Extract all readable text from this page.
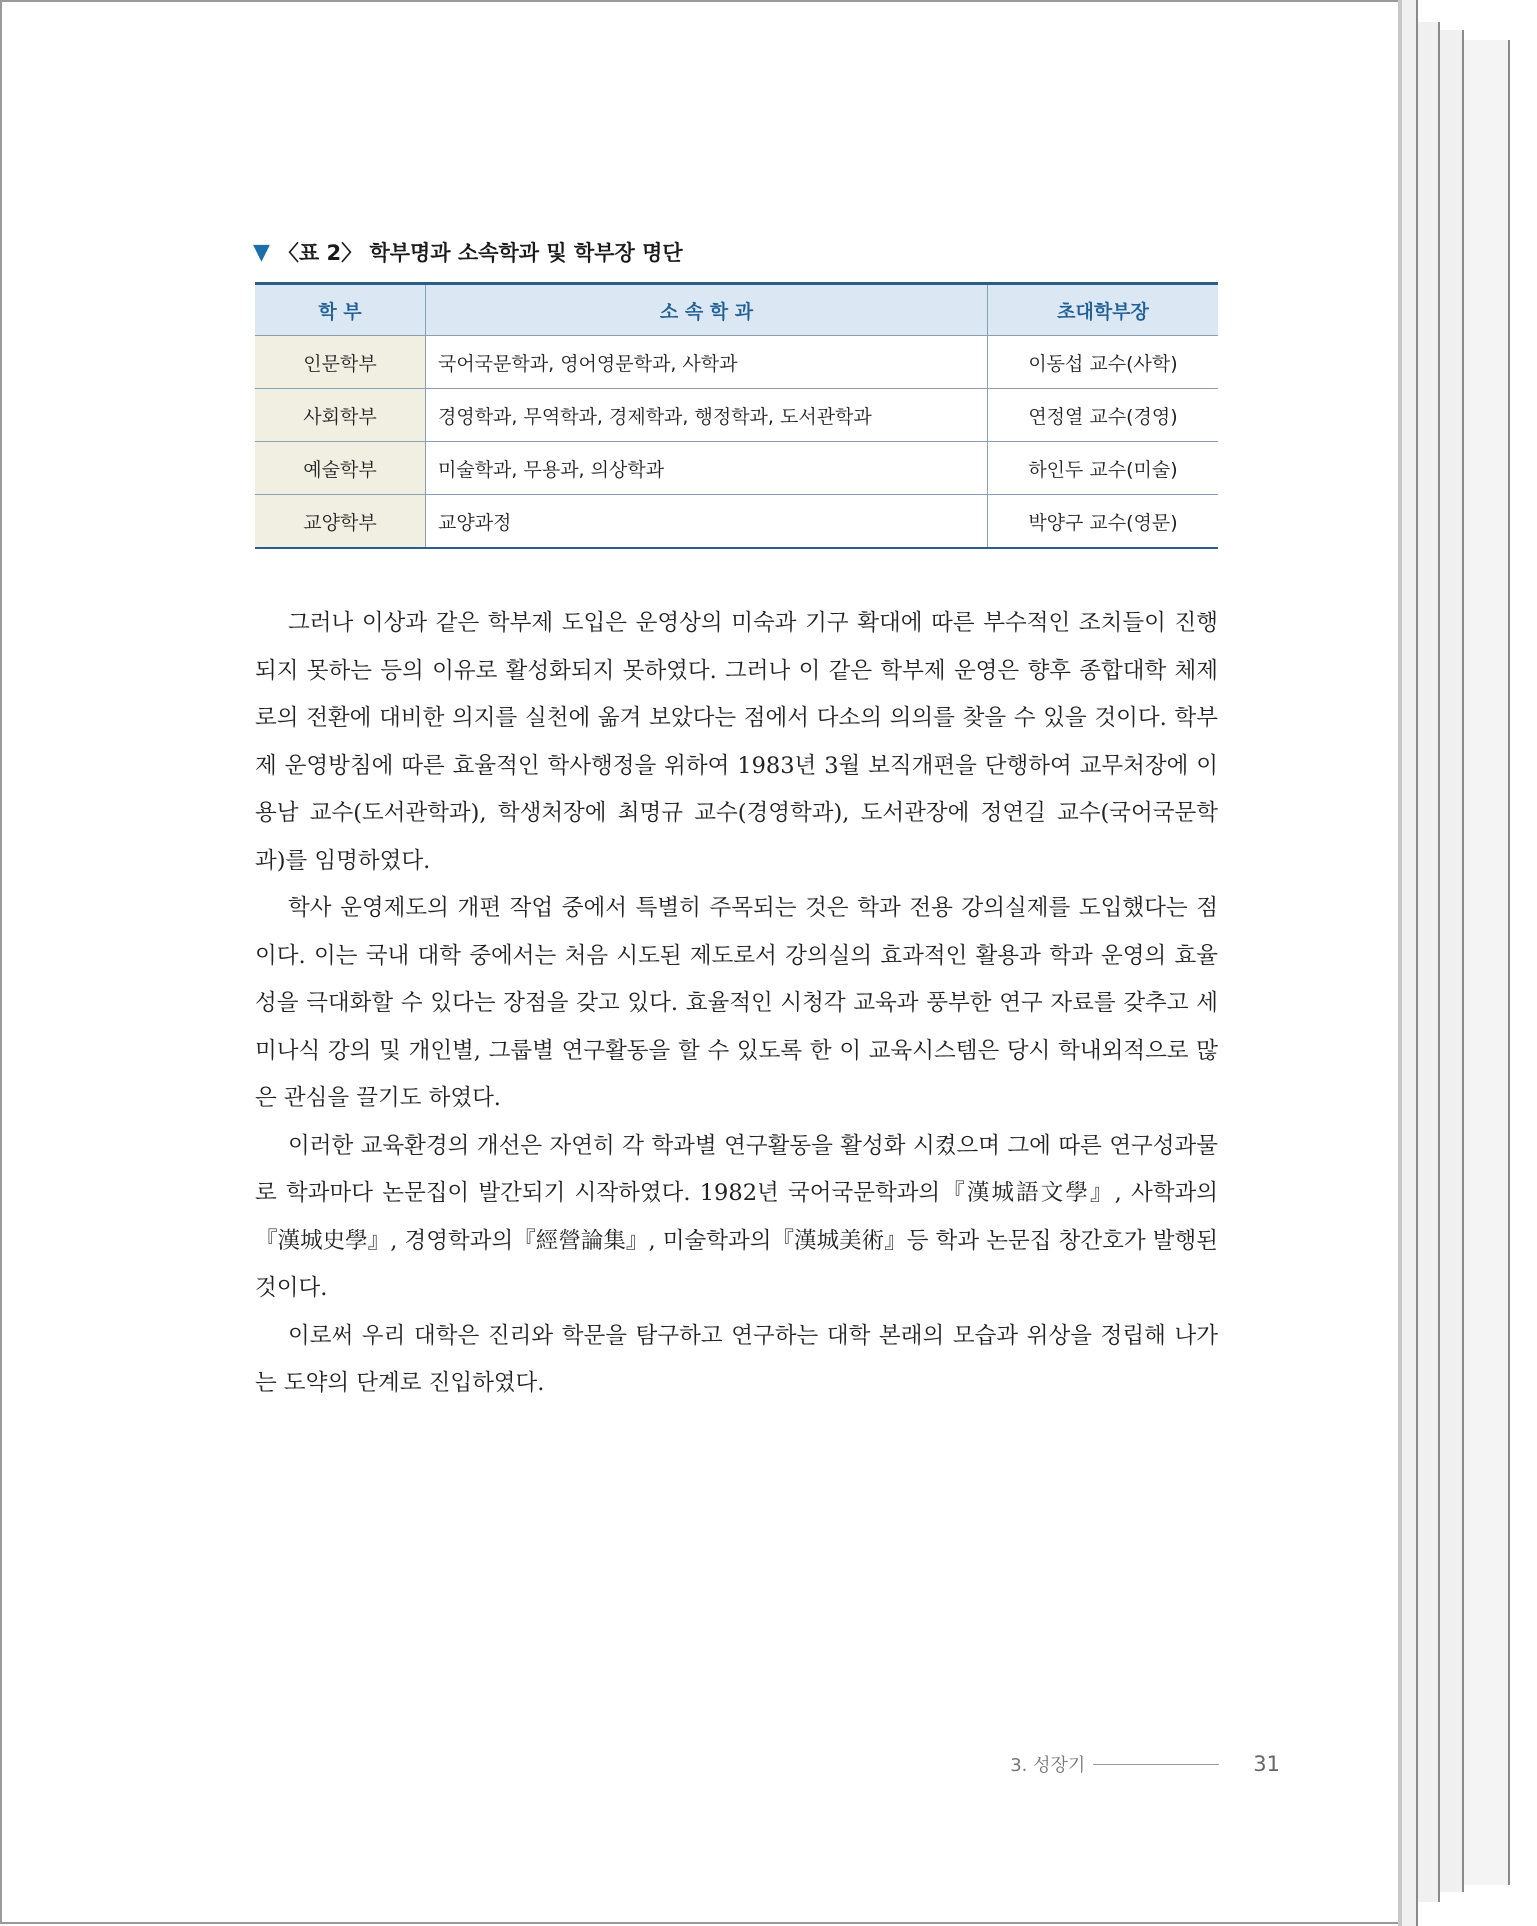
▼ 〈표 2〉 학부명과 소속학과 및 학부장 명단
학 부	소 속 학 과	초대학부장
인문학부	국어국문학과, 영어영문학과, 사학과	이동섭 교수(사학)
사회학부	경영학과, 무역학과, 경제학과, 행정학과, 도서관학과	연정열 교수(경영)
예술학부	미술학과, 무용과, 의상학과	하인두 교수(미술)
교양학부	교양과정	박양구 교수(영문)

그러나 이상과 같은 학부제 도입은 운영상의 미숙과 기구 확대에 따른 부수적인 조치들이 진행되지 못하는 등의 이유로 활성화되지 못하였다. 그러나 이 같은 학부제 운영은 향후 종합대학 체제로의 전환에 대비한 의지를 실천에 옮겨 보았다는 점에서 다소의 의의를 찾을 수 있을 것이다. 학부제 운영방침에 따른 효율적인 학사행정을 위하여 1983년 3월 보직개편을 단행하여 교무처장에 이용남 교수(도서관학과), 학생처장에 최명규 교수(경영학과), 도서관장에 정연길 교수(국어국문학과)를 임명하였다.

학사 운영제도의 개편 작업 중에서 특별히 주목되는 것은 학과 전용 강의실제를 도입했다는 점이다. 이는 국내 대학 중에서는 처음 시도된 제도로서 강의실의 효과적인 활용과 학과 운영의 효율성을 극대화할 수 있다는 장점을 갖고 있다. 효율적인 시청각 교육과 풍부한 연구 자료를 갖추고 세미나식 강의 및 개인별, 그룹별 연구활동을 할 수 있도록 한 이 교육시스템은 당시 학내외적으로 많은 관심을 끌기도 하였다.

이러한 교육환경의 개선은 자연히 각 학과별 연구활동을 활성화 시켰으며 그에 따른 연구성과물로 학과마다 논문집이 발간되기 시작하였다. 1982년 국어국문학과의『漢城語文學』, 사학과의『漢城史學』, 경영학과의『經營論集』, 미술학과의『漢城美術』등 학과 논문집 창간호가 발행된 것이다.

이로써 우리 대학은 진리와 학문을 탐구하고 연구하는 대학 본래의 모습과 위상을 정립해 나가는 도약의 단계로 진입하였다.

3. 성장기	31
